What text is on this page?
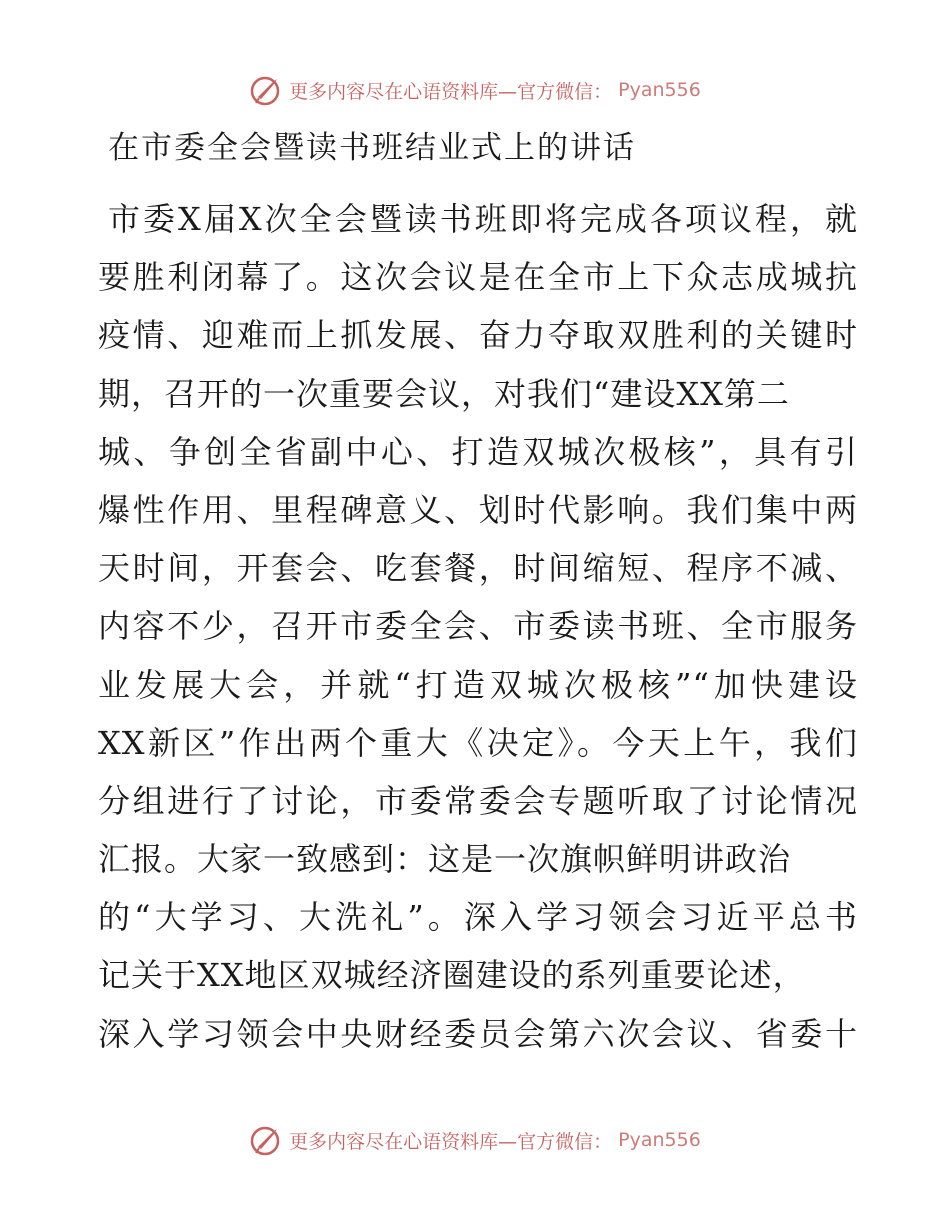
更多内容尽在心语资料库—官方微信： Pyan556
在市委全会暨读书班结业式上的讲话
市委X届X次全会暨读书班即将完成各项议程，就
要胜利闭幕了。这次会议是在全市上下众志成城抗
疫情、迎难而上抓发展、奋力夺取双胜利的关键时
期，召开的一次重要会议，对我们“建设XX第二
城、争创全省副中心、打造双城次极核”，具有引
爆性作用、里程碑意义、划时代影响。我们集中两
天时间，开套会、吃套餐，时间缩短、程序不减、
内容不少，召开市委全会、市委读书班、全市服务
业发展大会，并就“打造双城次极核”“加快建设
XX新区”作出两个重大《决定》。今天上午，我们
分组进行了讨论，市委常委会专题听取了讨论情况
汇报。大家一致感到：这是一次旗帜鲜明讲政治
的“大学习、大洗礼”。深入学习领会习近平总书
记关于XX地区双城经济圈建设的系列重要论述，
深入学习领会中央财经委员会第六次会议、省委十
更多内容尽在心语资料库—官方微信： Pyan556
